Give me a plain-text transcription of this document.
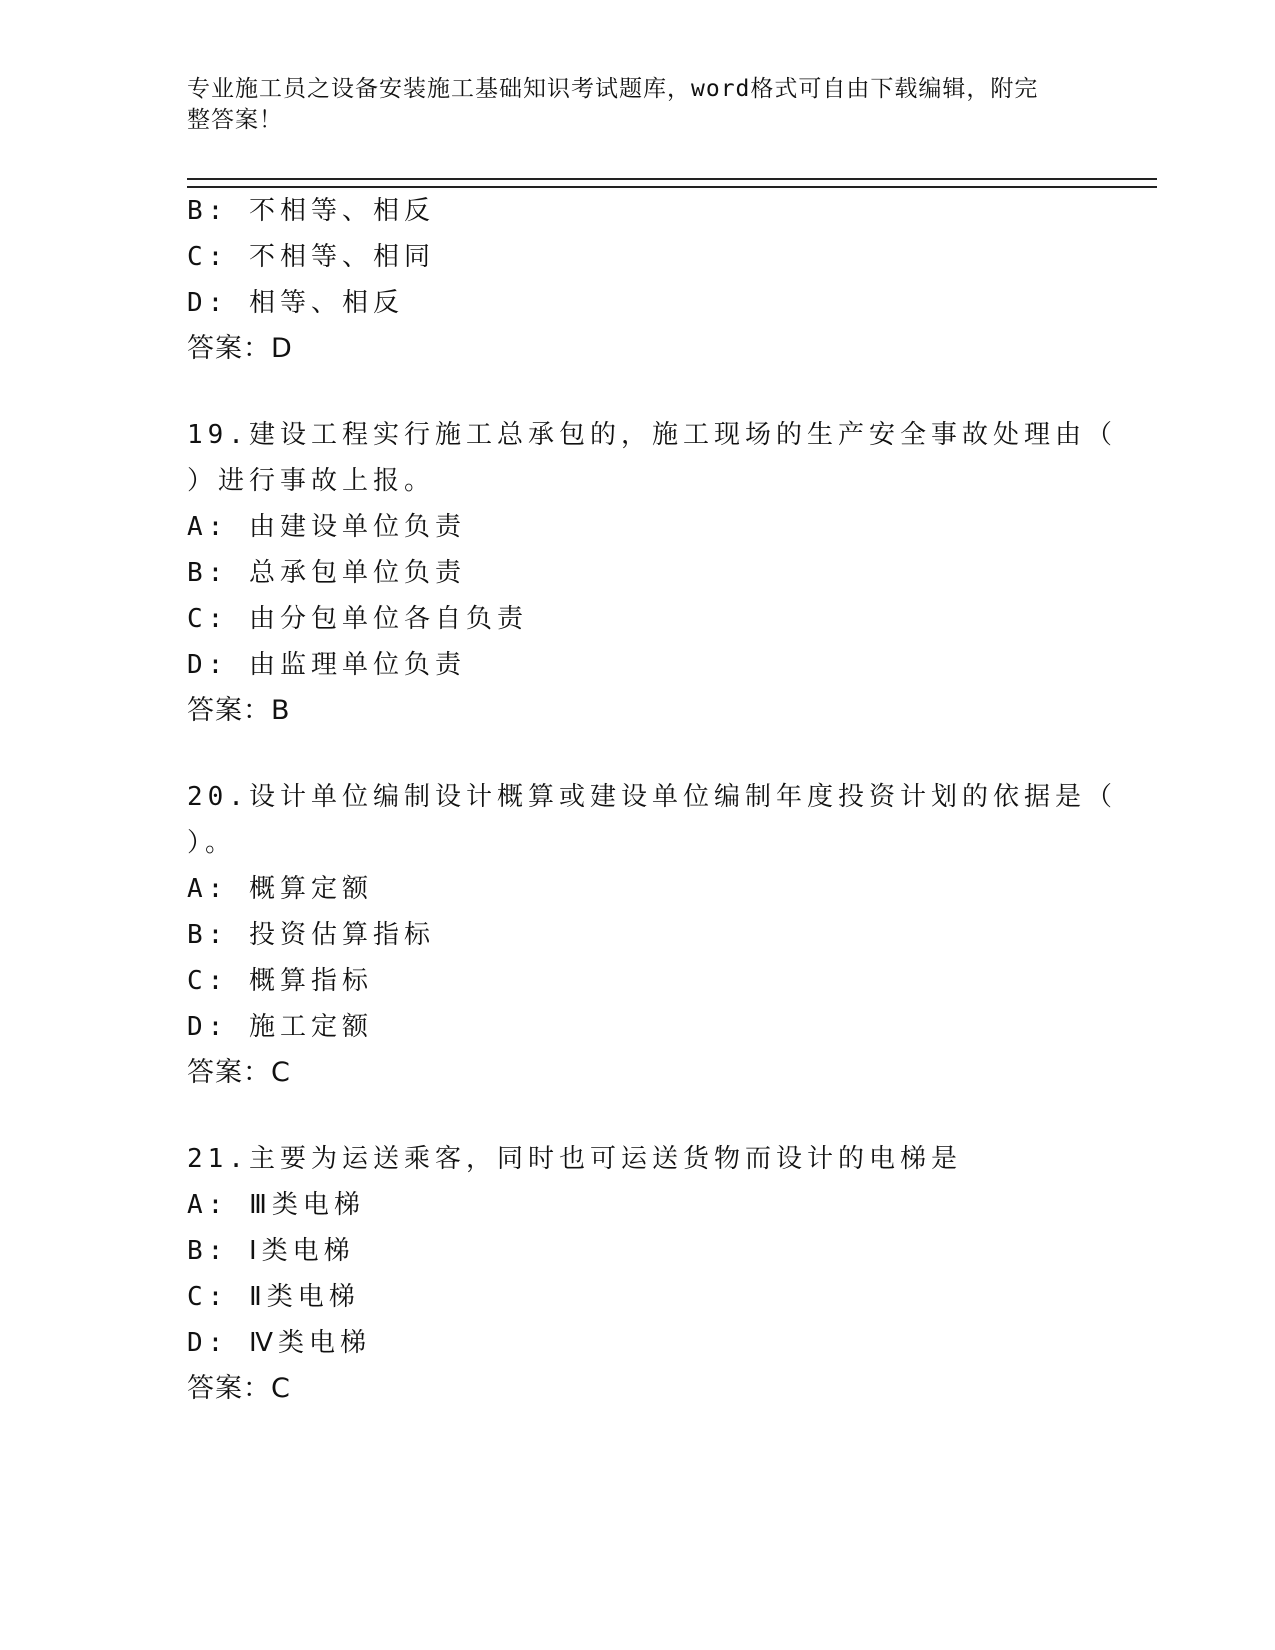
专业施工员之设备安装施工基础知识考试题库，word格式可自由下载编辑，附完
整答案！
B: 不相等、相反
C: 不相等、相同
D: 相等、相反
答案：D
19.建设工程实行施工总承包的，施工现场的生产安全事故处理由（
）进行事故上报。
A: 由建设单位负责
B: 总承包单位负责
C: 由分包单位各自负责
D: 由监理单位负责
答案：B
20.设计单位编制设计概算或建设单位编制年度投资计划的依据是（
）。
A: 概算定额
B: 投资估算指标
C: 概算指标
D: 施工定额
答案：C
21.主要为运送乘客，同时也可运送货物而设计的电梯是
A: Ⅲ类电梯
B: Ⅰ类电梯
C: Ⅱ类电梯
D: Ⅳ类电梯
答案：C
